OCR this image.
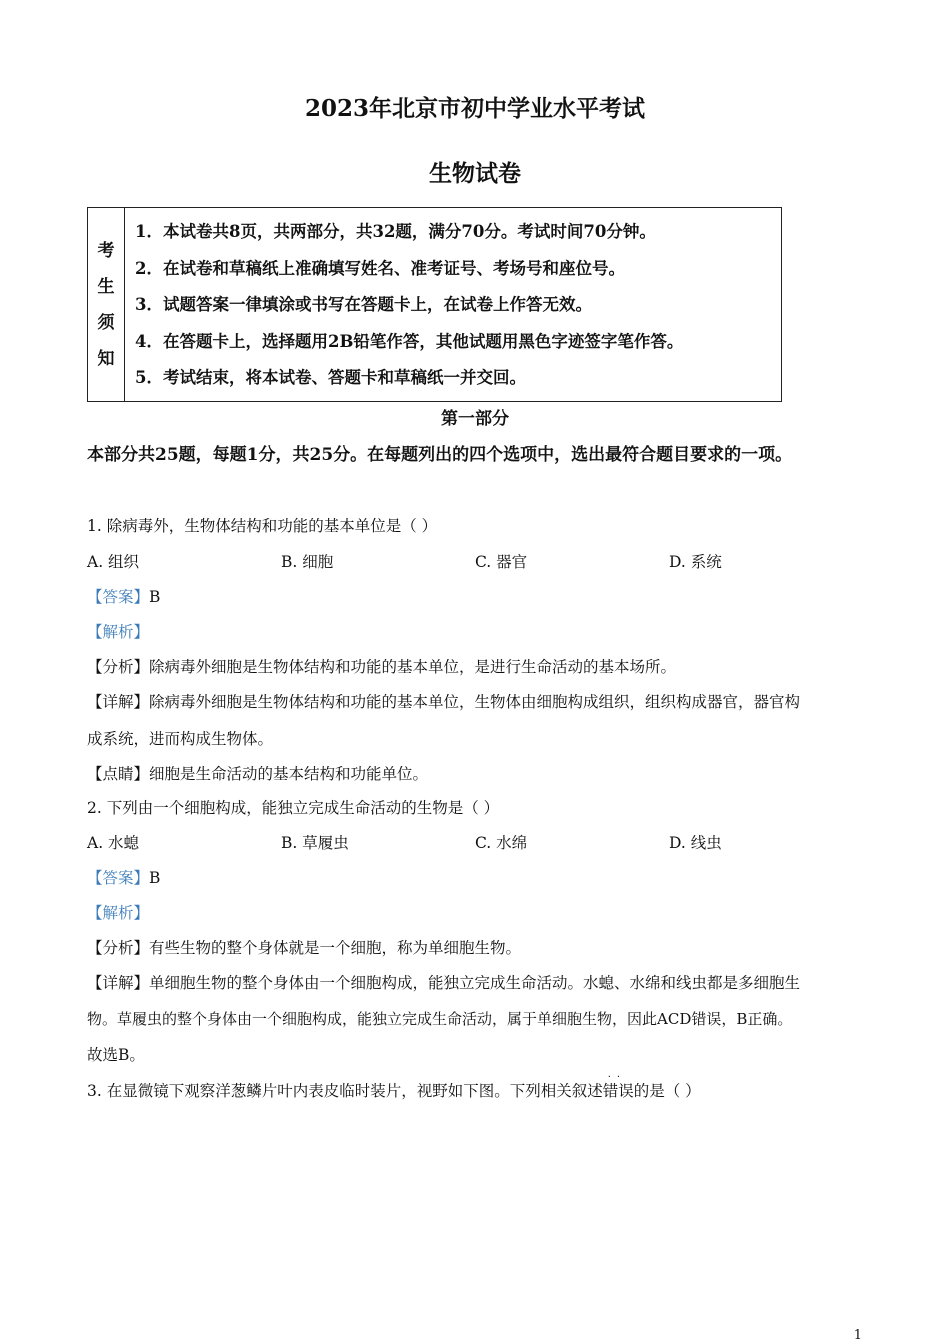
2023年北京市初中学业水平考试
生物试卷
考
生
须
知
1．本试卷共8页，共两部分，共32题，满分70分。考试时间70分钟。
2．在试卷和草稿纸上准确填写姓名、准考证号、考场号和座位号。
3．试题答案一律填涂或书写在答题卡上，在试卷上作答无效。
4．在答题卡上，选择题用2B铅笔作答，其他试题用黑色字迹签字笔作答。
5．考试结束，将本试卷、答题卡和草稿纸一并交回。
第一部分
本部分共25题，每题1分，共25分。在每题列出的四个选项中，选出最符合题目要求的一项。
1. 除病毒外，生物体结构和功能的基本单位是（ ）
A. 组织	B. 细胞	C. 器官	D. 系统
【答案】B
【解析】
【分析】除病毒外细胞是生物体结构和功能的基本单位，是进行生命活动的基本场所。
【详解】除病毒外细胞是生物体结构和功能的基本单位，生物体由细胞构成组织，组织构成器官，器官构
成系统，进而构成生物体。
【点睛】细胞是生命活动的基本结构和功能单位。
2. 下列由一个细胞构成，能独立完成生命活动的生物是（ ）
A. 水螅	B. 草履虫	C. 水绵	D. 线虫
【答案】B
【解析】
【分析】有些生物的整个身体就是一个细胞，称为单细胞生物。
【详解】单细胞生物的整个身体由一个细胞构成，能独立完成生命活动。水螅、水绵和线虫都是多细胞生
物。草履虫的整个身体由一个细胞构成，能独立完成生命活动，属于单细胞生物，因此ACD错误，B正确。
故选B。
3. 在显微镜下观察洋葱鳞片叶内表皮临时装片，视野如下图。下列相关叙述
··
错误的是（ ）
1
